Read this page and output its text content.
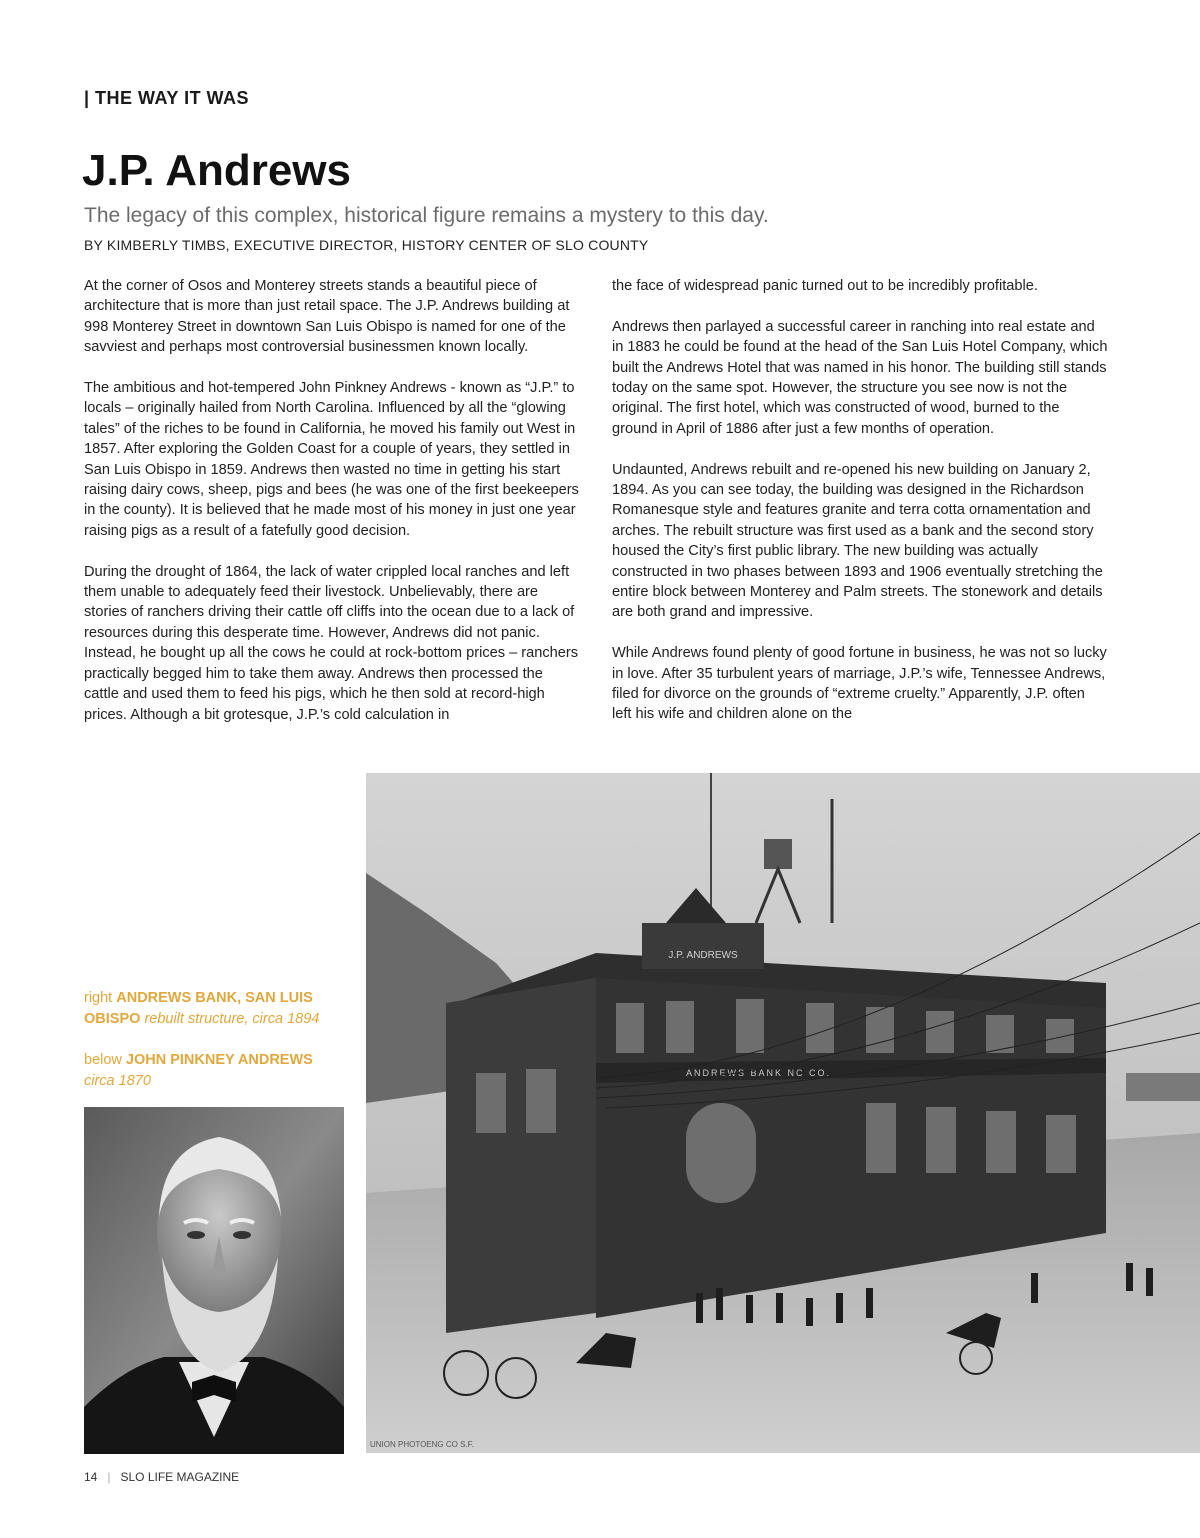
| THE WAY IT WAS
J.P. Andrews

The legacy of this complex, historical figure remains a mystery to this day.

BY KIMBERLY TIMBS, EXECUTIVE DIRECTOR, HISTORY CENTER OF SLO COUNTY

At the corner of Osos and Monterey streets stands a beautiful piece of architecture that is more than just retail space. The J.P. Andrews building at 998 Monterey Street in downtown San Luis Obispo is named for one of the savviest and perhaps most controversial businessmen known locally.

The ambitious and hot-tempered John Pinkney Andrews - known as “J.P.” to locals – originally hailed from North Carolina. Influenced by all the “glowing tales” of the riches to be found in California, he moved his family out West in 1857. After exploring the Golden Coast for a couple of years, they settled in San Luis Obispo in 1859. Andrews then wasted no time in getting his start raising dairy cows, sheep, pigs and bees (he was one of the first beekeepers in the county). It is believed that he made most of his money in just one year raising pigs as a result of a fatefully good decision.

During the drought of 1864, the lack of water crippled local ranches and left them unable to adequately feed their livestock. Unbelievably, there are stories of ranchers driving their cattle off cliffs into the ocean due to a lack of resources during this desperate time. However, Andrews did not panic. Instead, he bought up all the cows he could at rock-bottom prices – ranchers practically begged him to take them away. Andrews then processed the cattle and used them to feed his pigs, which he then sold at record-high prices. Although a bit grotesque, J.P.’s cold calculation in

the face of widespread panic turned out to be incredibly profitable.

Andrews then parlayed a successful career in ranching into real estate and in 1883 he could be found at the head of the San Luis Hotel Company, which built the Andrews Hotel that was named in his honor. The building still stands today on the same spot. However, the structure you see now is not the original. The first hotel, which was constructed of wood, burned to the ground in April of 1886 after just a few months of operation.

Undaunted, Andrews rebuilt and re-opened his new building on January 2, 1894. As you can see today, the building was designed in the Richardson Romanesque style and features granite and terra cotta ornamentation and arches. The rebuilt structure was first used as a bank and the second story housed the City’s first public library. The new building was actually constructed in two phases between 1893 and 1906 eventually stretching the entire block between Monterey and Palm streets. The stonework and details are both grand and impressive.

While Andrews found plenty of good fortune in business, he was not so lucky in love. After 35 turbulent years of marriage, J.P.’s wife, Tennessee Andrews, filed for divorce on the grounds of “extreme cruelty.” Apparently, J.P. often left his wife and children alone on the

right ANDREWS BANK, SAN LUIS OBISPO rebuilt structure, circa 1894

below JOHN PINKNEY ANDREWS
circa 1870

J.P. ANDREWS
ANDREWS BANK NC CO.
UNION PHOTOENG CO S.F.
14 | SLO LIFE MAGAZINE
